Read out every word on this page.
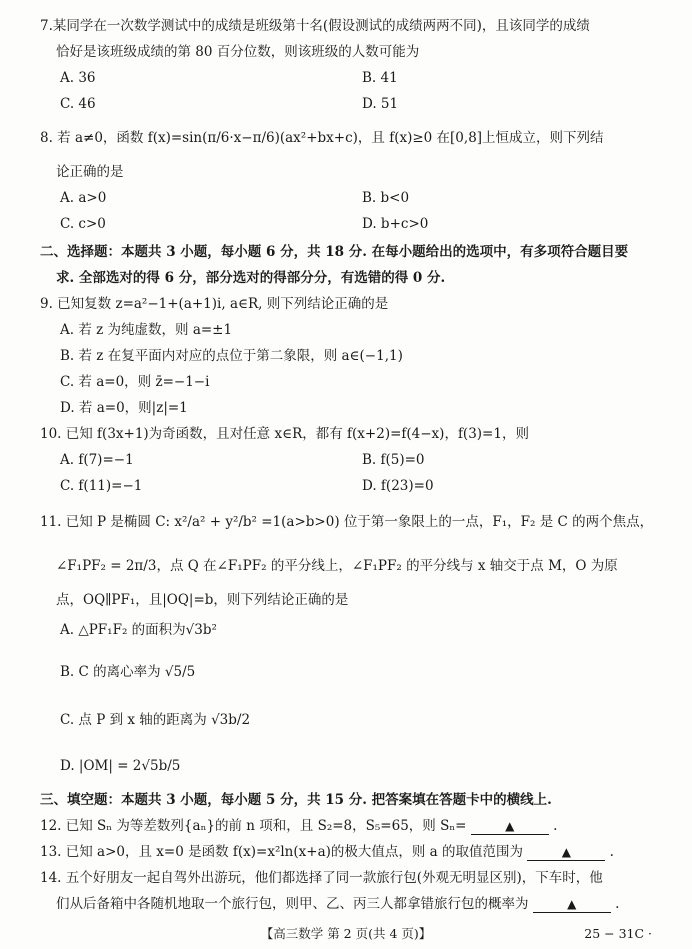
7.某同学在一次数学测试中的成绩是班级第十名(假设测试的成绩两两不同)，且该同学的成绩
恰好是该班级成绩的第 80 百分位数，则该班级的人数可能为
A. 36	B. 41
C. 46	D. 51
8. 若 a≠0，函数 f(x)=sin(π/6·x−π/6)(ax²+bx+c)，且 f(x)≥0 在[0,8]上恒成立，则下列结
论正确的是
A. a>0	B. b<0
C. c>0	D. b+c>0
二、选择题：本题共 3 小题，每小题 6 分，共 18 分. 在每小题给出的选项中，有多项符合题目要
求. 全部选对的得 6 分，部分选对的得部分分，有选错的得 0 分.
9. 已知复数 z=a²−1+(a+1)i, a∈R, 则下列结论正确的是
A. 若 z 为纯虚数，则 a=±1
B. 若 z 在复平面内对应的点位于第二象限，则 a∈(−1,1)
C. 若 a=0，则 z̄=−1−i
D. 若 a=0，则|z|=1
10. 已知 f(3x+1)为奇函数，且对任意 x∈R，都有 f(x+2)=f(4−x)，f(3)=1，则
A. f(7)=−1	B. f(5)=0
C. f(11)=−1	D. f(23)=0
11. 已知 P 是椭圆 C: x²/a² + y²/b² =1(a>b>0) 位于第一象限上的一点，F₁，F₂ 是 C 的两个焦点，
∠F₁PF₂ = 2π/3，点 Q 在∠F₁PF₂ 的平分线上，∠F₁PF₂ 的平分线与 x 轴交于点 M，O 为原
点，OQ∥PF₁，且|OQ|=b，则下列结论正确的是
A. △PF₁F₂ 的面积为√3b²
B. C 的离心率为 √5/5
C. 点 P 到 x 轴的距离为 √3b/2
D. |OM| = 2√5b/5
三、填空题：本题共 3 小题，每小题 5 分，共 15 分. 把答案填在答题卡中的横线上.
12. 已知 Sₙ 为等差数列{aₙ}的前 n 项和，且 S₂=8，S₅=65，则 Sₙ=	▲	.
13. 已知 a>0，且 x=0 是函数 f(x)=x²ln(x+a)的极大值点，则 a 的取值范围为	▲	.
14. 五个好朋友一起自驾外出游玩，他们都选择了同一款旅行包(外观无明显区别)，下车时，他
们从后备箱中各随机地取一个旅行包，则甲、乙、丙三人都拿错旅行包的概率为	▲	.
【高三数学 第 2 页(共 4 页)】	25 − 31C ·
